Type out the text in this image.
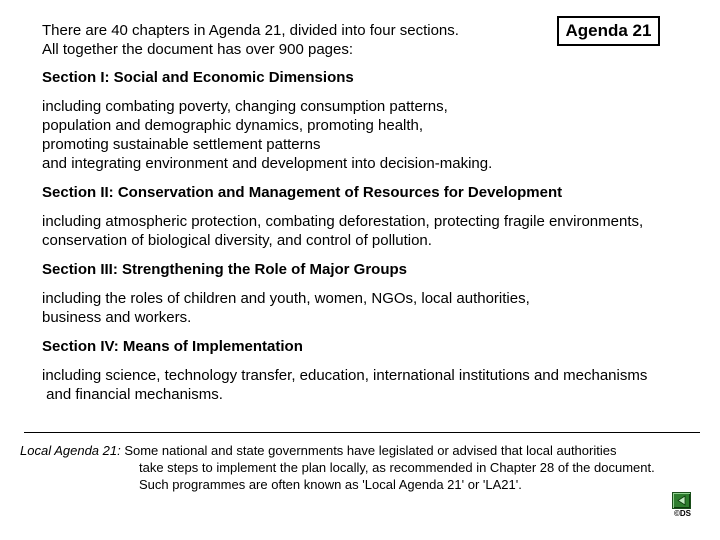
There are 40 chapters in Agenda 21, divided into four sections.
All together the document has over 900 pages:
Agenda 21
Section I: Social and Economic Dimensions
including combating poverty, changing consumption patterns,
population and demographic dynamics, promoting health,
promoting sustainable settlement patterns
and integrating environment and development into decision-making.
Section II: Conservation and Management of Resources for Development
including atmospheric protection, combating deforestation, protecting fragile environments,
conservation of biological diversity, and control of pollution.
Section III: Strengthening the Role of Major Groups
including the roles of children and youth, women, NGOs, local authorities,
business and workers.
Section IV: Means of Implementation
including science, technology transfer, education, international institutions and mechanisms
and financial mechanisms.
Local Agenda 21: Some national and state governments have legislated or advised that local authorities
take steps to implement the plan locally, as recommended in Chapter 28 of the document.
Such programmes are often known as 'Local Agenda 21' or 'LA21'.
©DS
